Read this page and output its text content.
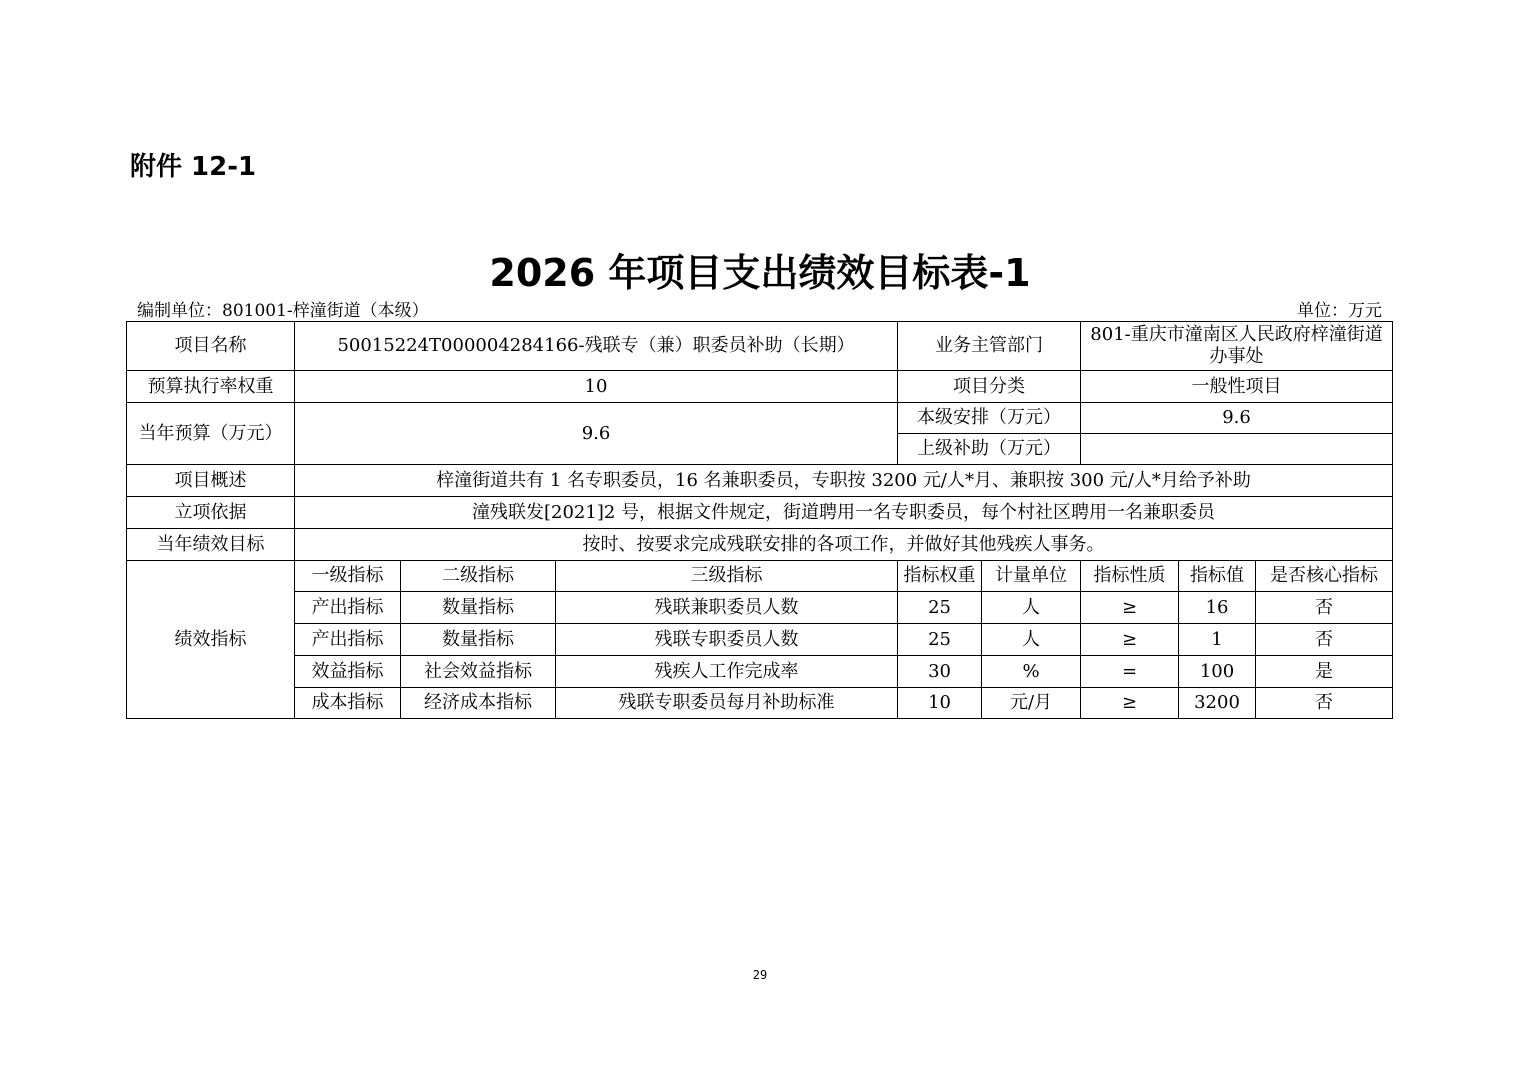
附件 12-1
2026 年项目支出绩效目标表-1
编制单位：801001-梓潼街道（本级）	单位：万元
项目名称	50015224T000004284166-残联专（兼）职委员补助（长期）			业务主管部门		801-重庆市潼南区人民政府梓潼街道办事处		
预算执行率权重	10			项目分类		一般性项目		
当年预算（万元）	9.6			本级安排（万元）		9.6		
				上级补助（万元）				
项目概述	梓潼街道共有 1 名专职委员，16 名兼职委员，专职按 3200 元/人*月、兼职按 300 元/人*月给予补助							
立项依据	潼残联发[2021]2 号，根据文件规定，街道聘用一名专职委员，每个村社区聘用一名兼职委员							
当年绩效目标	按时、按要求完成残联安排的各项工作，并做好其他残疾人事务。							
绩效指标	一级指标	二级指标	三级指标	指标权重	计量单位	指标性质	指标值	是否核心指标
	产出指标	数量指标	残联兼职委员人数	25	人	≥	16	否
	产出指标	数量指标	残联专职委员人数	25	人	≥	1	否
	效益指标	社会效益指标	残疾人工作完成率	30	%	=	100	是
	成本指标	经济成本指标	残联专职委员每月补助标准	10	元/月	≥	3200	否
29
